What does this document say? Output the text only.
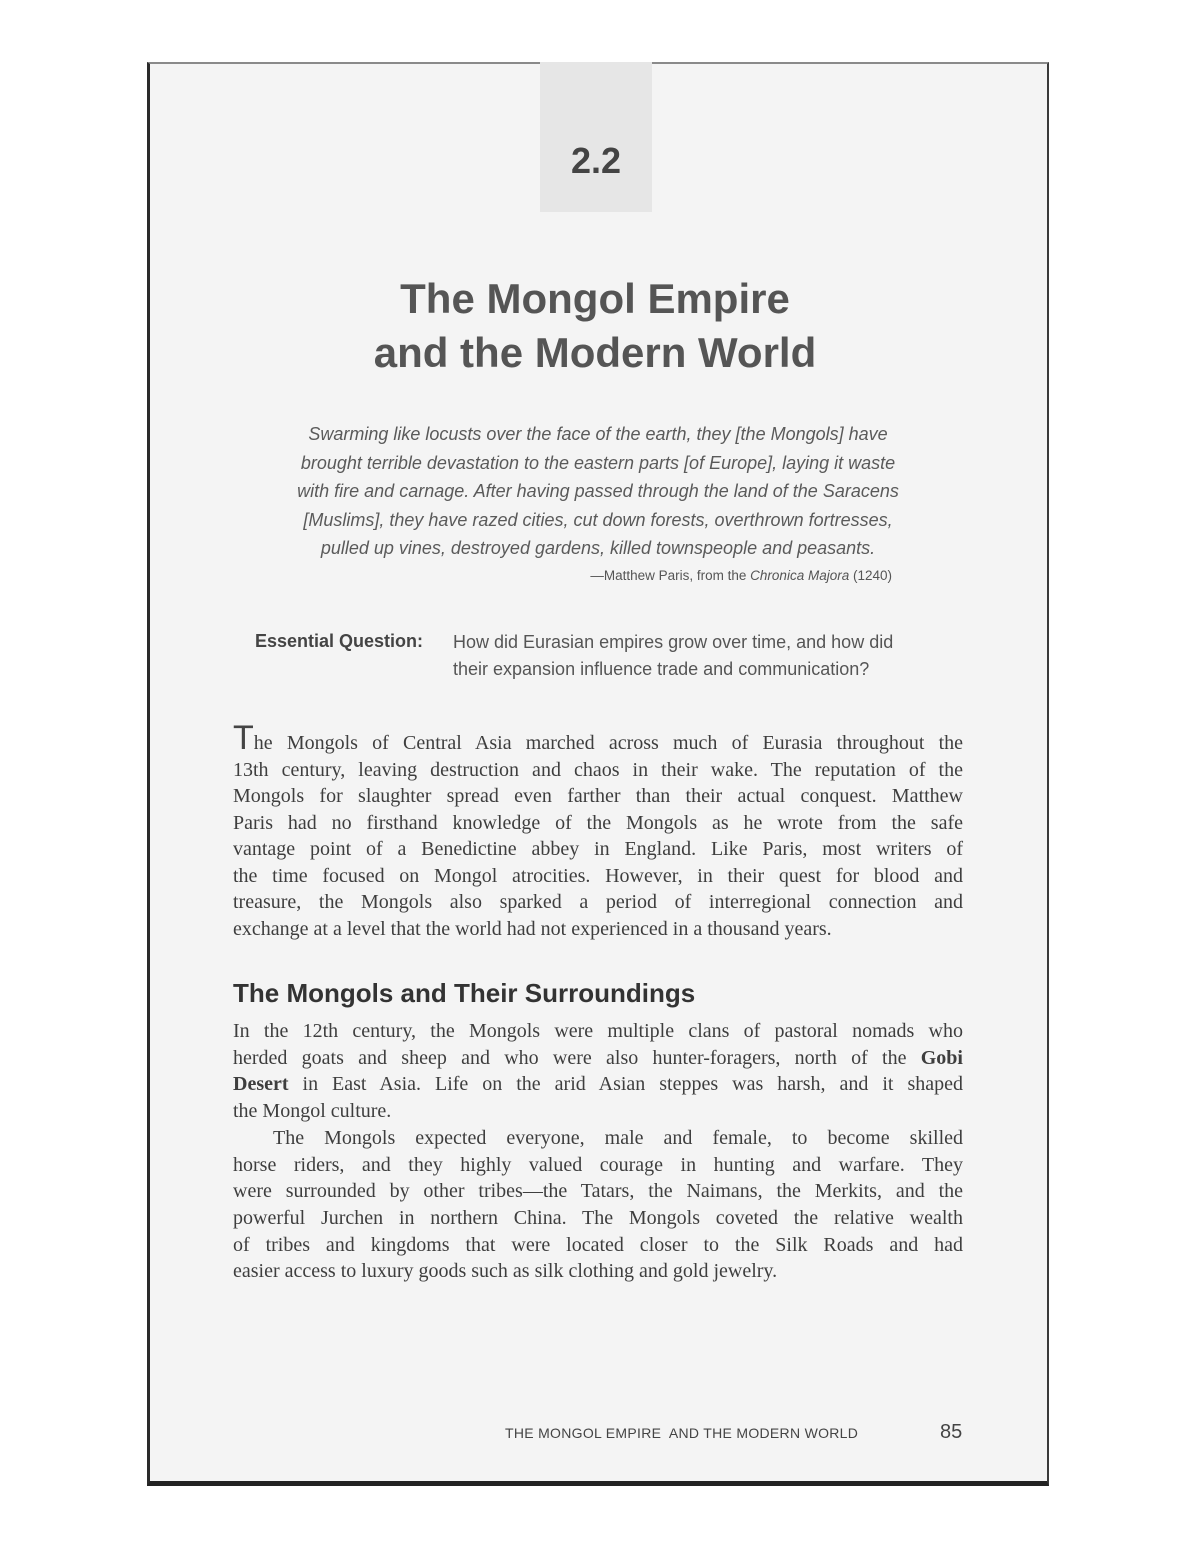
2.2
The Mongol Empire
and the Modern World
Swarming like locusts over the face of the earth, they [the Mongols] have
brought terrible devastation to the eastern parts [of Europe], laying it waste
with fire and carnage. After having passed through the land of the Saracens
[Muslims], they have razed cities, cut down forests, overthrown fortresses,
pulled up vines, destroyed gardens, killed townspeople and peasants.
—Matthew Paris, from the Chronica Majora (1240)
Essential Question: How did Eurasian empires grow over time, and how did
their expansion influence trade and communication?
The Mongols of Central Asia marched across much of Eurasia throughout the
13th century, leaving destruction and chaos in their wake. The reputation of the
Mongols for slaughter spread even farther than their actual conquest. Matthew
Paris had no firsthand knowledge of the Mongols as he wrote from the safe
vantage point of a Benedictine abbey in England. Like Paris, most writers of
the time focused on Mongol atrocities. However, in their quest for blood and
treasure, the Mongols also sparked a period of interregional connection and
exchange at a level that the world had not experienced in a thousand years.
The Mongols and Their Surroundings
In the 12th century, the Mongols were multiple clans of pastoral nomads who
herded goats and sheep and who were also hunter-foragers, north of the Gobi
Desert in East Asia. Life on the arid Asian steppes was harsh, and it shaped
the Mongol culture.
The Mongols expected everyone, male and female, to become skilled
horse riders, and they highly valued courage in hunting and warfare. They
were surrounded by other tribes—the Tatars, the Naimans, the Merkits, and the
powerful Jurchen in northern China. The Mongols coveted the relative wealth
of tribes and kingdoms that were located closer to the Silk Roads and had
easier access to luxury goods such as silk clothing and gold jewelry.
THE MONGOL EMPIRE  AND THE MODERN WORLD	85
